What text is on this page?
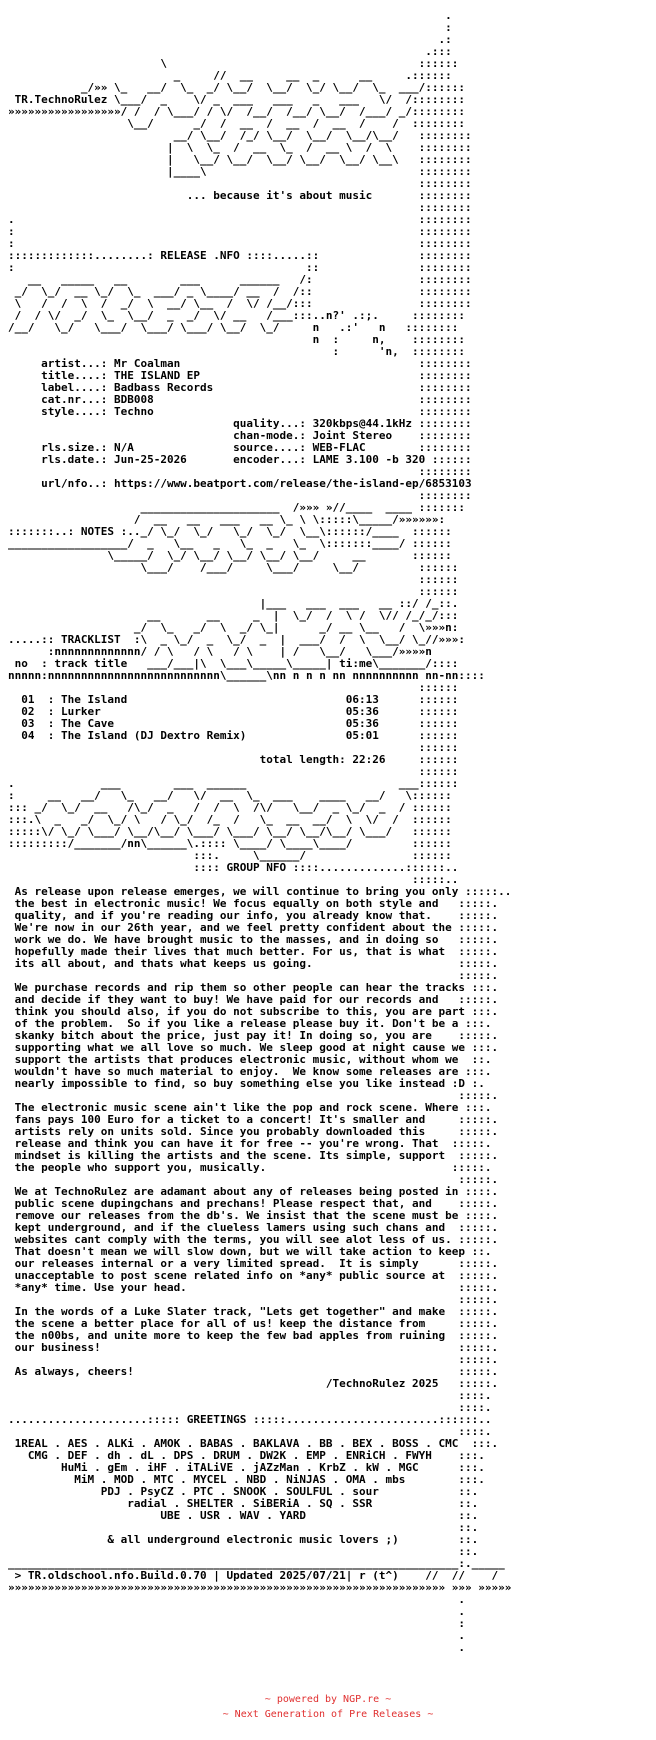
.
:
.:
.:::
\                                      ::::::
_     //  __     __  _      __     .::::::
_/»» \_   __/  \_  _/ \__/  \__/  \_/ \__/  \_  ___/::::::
TR.TechnoRulez \___/  _    \/ _  ___   ___   _   ___   \/  /::::::::
»»»»»»»»»»»»»»»»»/ /  / \___/ / \/  /__/  /__/ \__/  /___/ _/::::::::
\__/      _/  /  __  /  __  /  __  /    /  ::::::::
__/ \__/  /_/ \__/  \__/  \__/\__/   ::::::::
|  \  \_  /  __  \_  /  __ \  /  \    ::::::::
|   \__/ \__/  \__/ \__/  \__/ \__\   ::::::::
|____\                                ::::::::
::::::::
... because it's about music       ::::::::
::::::::
.                                                             ::::::::
:                                                             ::::::::
:                                                             ::::::::
:::::::::::::........: RELEASE .NFO ::::.....::               ::::::::
:                                            ::               ::::::::
__   _____   __        ___      ______   /:                ::::::::
_/  \_/  __ \_/  \_  ___/ _ \____/ __  /  /::                ::::::::
\   /  /  \  /  _/  \  __/ \__  /  \/ /__/:::                ::::::::
/  / \/  _/  \_  \__/  _  _/  \/ __   /___:::..n?' .:;.     ::::::::
/__/   \_/   \___/  \___/ \___/ \__/  \_/     n   .:'   n   ::::::::
n  :     n,    ::::::::
:      'n,  ::::::::
artist...: Mr Coalman                                    ::::::::
title....: THE ISLAND EP                                 ::::::::
label....: Badbass Records                               ::::::::
cat.nr...: BDB008                                        ::::::::
style....: Techno                                        ::::::::
quality...: 320kbps@44.1kHz ::::::::
chan-mode.: Joint Stereo    ::::::::
rls.size.: N/A               source....: WEB-FLAC        ::::::::
rls.date.: Jun-25-2026       encoder...: LAME 3.100 -b 320 ::::::
::::::::
url/nfo..: https://www.beatport.com/release/the-island-ep/6853103
::::::::
_____________________  /»»» »//____  ____ :::::::
/  __   __   ___   __ \_ \ \:::::\_____/»»»»»»:
:::::::..: NOTES :.._/ \_/  \_/   \_/  \_/  \__\::::::/____  ::::::
__________________/  _   \__   _   \_  _   \_  \:::::::____/ ::::::
\_____/  \_/ \__/ \__/ \__/ \__/     __       ::::::
\___/    /___/     \___/     \__/         ::::::
::::::
::::::
|___   ___  ___   __ ::/ /_::.
__       __     _  |  \_/  /  \ /  \// /_/_/:::
_/  \_   _/  \  _/ \_|      _/ __ \__   /  \»»»n:
.....:: TRACKLIST  :\  _ \_/  _  \_/  _  |  ___/  /  \  \__/ \_//»»»:
:nnnnnnnnnnnnn/ / \   / \   / \    | /   \__/   \___/»»»»n
no  : track title   ___/___|\  \___\_____\_____| ti:me\_______/::::
nnnnn:nnnnnnnnnnnnnnnnnnnnnnnnnn\______\nn n n n nn nnnnnnnnnn nn-nn::::
::::::
01  : The Island                                 06:13      ::::::
02  : Lurker                                     05:36      ::::::
03  : The Cave                                   05:36      ::::::
04  : The Island (DJ Dextro Remix)               05:01      ::::::
::::::
total length: 22:26     ::::::
::::::
.             ___        ___  ______                       ___::::::
:     __   __/   \_   __/   \/  __  \_  ___    ____   __/   \::::::
::: _/  \_/  __   /\_/  _   /  /  \  /\/   \__/  _ \_/  _  / ::::::
:::.\  _   _/  \_/ \   / \_/  /_  /   \_  __  __/  \  \/  /  ::::::
:::::\/ \_/ \___/ \__/\__/ \___/ \___/ \__/ \__/\__/ \___/   ::::::
:::::::::/_______/nn\______\.:::: \____/ \____\____/         ::::::
:::.     \______/                ::::::
:::: GROUP NFO ::::.............::::::..
:::::..
As release upon release emerges, we will continue to bring you only :::::..
the best in electronic music! We focus equally on both style and   :::::.
quality, and if you're reading our info, you already know that.    :::::.
We're now in our 26th year, and we feel pretty confident about the :::::.
work we do. We have brought music to the masses, and in doing so   :::::.
hopefully made their lives that much better. For us, that is what  :::::.
its all about, and thats what keeps us going.                      :::::.
:::::.
We purchase records and rip them so other people can hear the tracks :::.
and decide if they want to buy! We have paid for our records and   :::::.
think you should also, if you do not subscribe to this, you are part :::.
of the problem.  So if you like a release please buy it. Don't be a :::.
skanky bitch about the price, just pay it! In doing so, you are    :::::.
supporting what we all love so much. We sleep good at night cause we :::.
support the artists that produces electronic music, without whom we  ::.
wouldn't have so much material to enjoy.  We know some releases are :::.
nearly impossible to find, so buy something else you like instead :D :.
:::::.
The electronic music scene ain't like the pop and rock scene. Where :::.
fans pays 100 Euro for a ticket to a concert! It's smaller and     :::::.
artists rely on units sold. Since you probably downloaded this     :::::.
release and think you can have it for free -- you're wrong. That  :::::.
mindset is killing the artists and the scene. Its simple, support  :::::.
the people who support you, musically.                            :::::.
:::::.
We at TechnoRulez are adamant about any of releases being posted in ::::.
public scene dupingchans and prechans! Please respect that, and    :::::.
remove our releases from the db's. We insist that the scene must be ::::.
kept underground, and if the clueless lamers using such chans and  :::::.
websites cant comply with the terms, you will see alot less of us. :::::.
That doesn't mean we will slow down, but we will take action to keep ::.
our releases internal or a very limited spread.  It is simply      :::::.
unacceptable to post scene related info on *any* public source at  :::::.
*any* time. Use your head.                                         :::::.
:::::.
In the words of a Luke Slater track, "Lets get together" and make  :::::.
the scene a better place for all of us! keep the distance from     :::::.
the n00bs, and unite more to keep the few bad apples from ruining  :::::.
our business!                                                      :::::.
:::::.
As always, cheers!                                                 :::::.
/TechnoRulez 2025   :::::.
::::.
::::.
.....................::::: GREETINGS :::::.......................::::::..
::::.
1REAL . AES . ALKi . AMOK . BABAS . BAKLAVA . BB . BEX . BOSS . CMC  :::.
CMG . DEF . dh . dL . DPS . DRUM . DW2K . EMP . ENRiCH . FWYH    :::.
HuMi . gEm . iHF . iTALiVE . jAZzMan . KrbZ . kW . MGC      :::.
MiM . MOD . MTC . MYCEL . NBD . NiNJAS . OMA . mbs        :::.
PDJ . PsyCZ . PTC . SNOOK . SOULFUL . sour            ::.
radial . SHELTER . SiBERiA . SQ . SSR             ::.
UBE . USR . WAV . YARD                       ::.
::.
& all underground electronic music lovers ;)         ::.
::.
____________________________________________________________________:._____
> TR.oldschool.nfo.Build.0.70 | Updated 2025/07/21| r (t^)    //  //    /
»»»»»»»»»»»»»»»»»»»»»»»»»»»»»»»»»»»»»»»»»»»»»»»»»»»»»»»»»»»»»»»»»» »»» »»»»»
.
.
:
.
.

~ powered by NGP.re ~
~ Next Generation of Pre Releases ~
